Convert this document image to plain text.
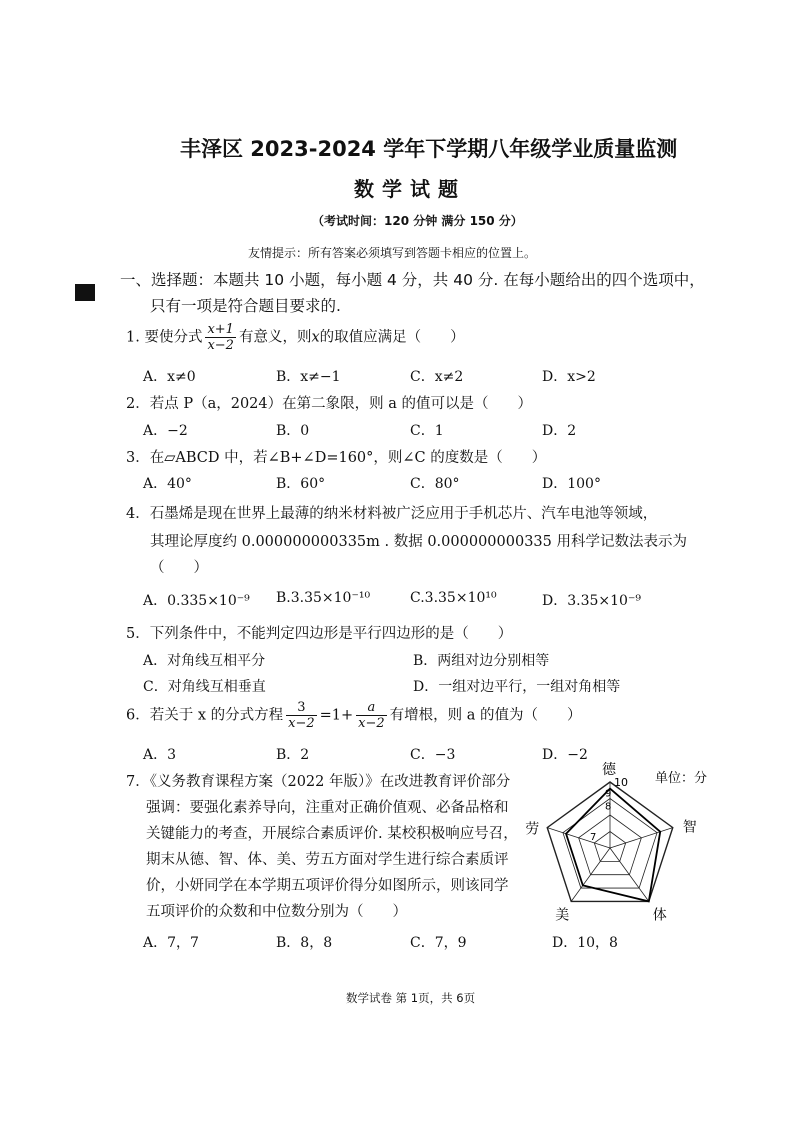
丰泽区 2023-2024 学年下学期八年级学业质量监测
数学试题
（考试时间：120 分钟 满分 150 分）
友情提示：所有答案必须填写到答题卡相应的位置上。
一、选择题：本题共 10 小题，每小题 4 分，共 40 分. 在每小题给出的四个选项中，
只有一项是符合题目要求的.
1. 要使分式 $\frac{x+1}{x-2}$ 有意义，则x的取值应满足（　　）
A．x≠0	B．x≠−1	C．x≠2	D．x>2
2．若点 P（a，2024）在第二象限，则 a 的值可以是（　　）
A．−2	B．0	C．1	D．2
3．在▱ABCD 中，若∠B+∠D=160°，则∠C 的度数是（　　）
A．40°	B．60°	C．80°	D．100°
4．石墨烯是现在世界上最薄的纳米材料被广泛应用于手机芯片、汽车电池等领域，
其理论厚度约 0.000000000335m . 数据 0.000000000335 用科学记数法表示为
（　　）
A．0.335×10⁻⁹ B.3.35×10⁻¹⁰	C.3.35×10¹⁰	D．3.35×10⁻⁹
5．下列条件中，不能判定四边形是平行四边形的是（　　）
A．对角线互相平分	B．两组对边分别相等
C．对角线互相垂直	D．一组对边平行，一组对角相等
6．若关于 x 的分式方程 $\frac{3}{x-2} =1+ \frac{a}{x-2}$ 有增根，则 a 的值为（　　）
A．3	B．2	C．−3	D．−2
7．《义务教育课程方案（2022 年版）》在改进教育评价部分
强调：要强化素养导向，注重对正确价值观、必备品格和
关键能力的考查，开展综合素质评价. 某校积极响应号召，
期末从德、智、体、美、劳五方面对学生进行综合素质评
价，小妍同学在本学期五项评价得分如图所示，则该同学
五项评价的众数和中位数分别为（　　）
A．7，7	B．8，8	C．7，9	D．10，8
单位：分
德
智
体
美
劳
10
9
8
7
数学试卷 第 1页，共 6页
